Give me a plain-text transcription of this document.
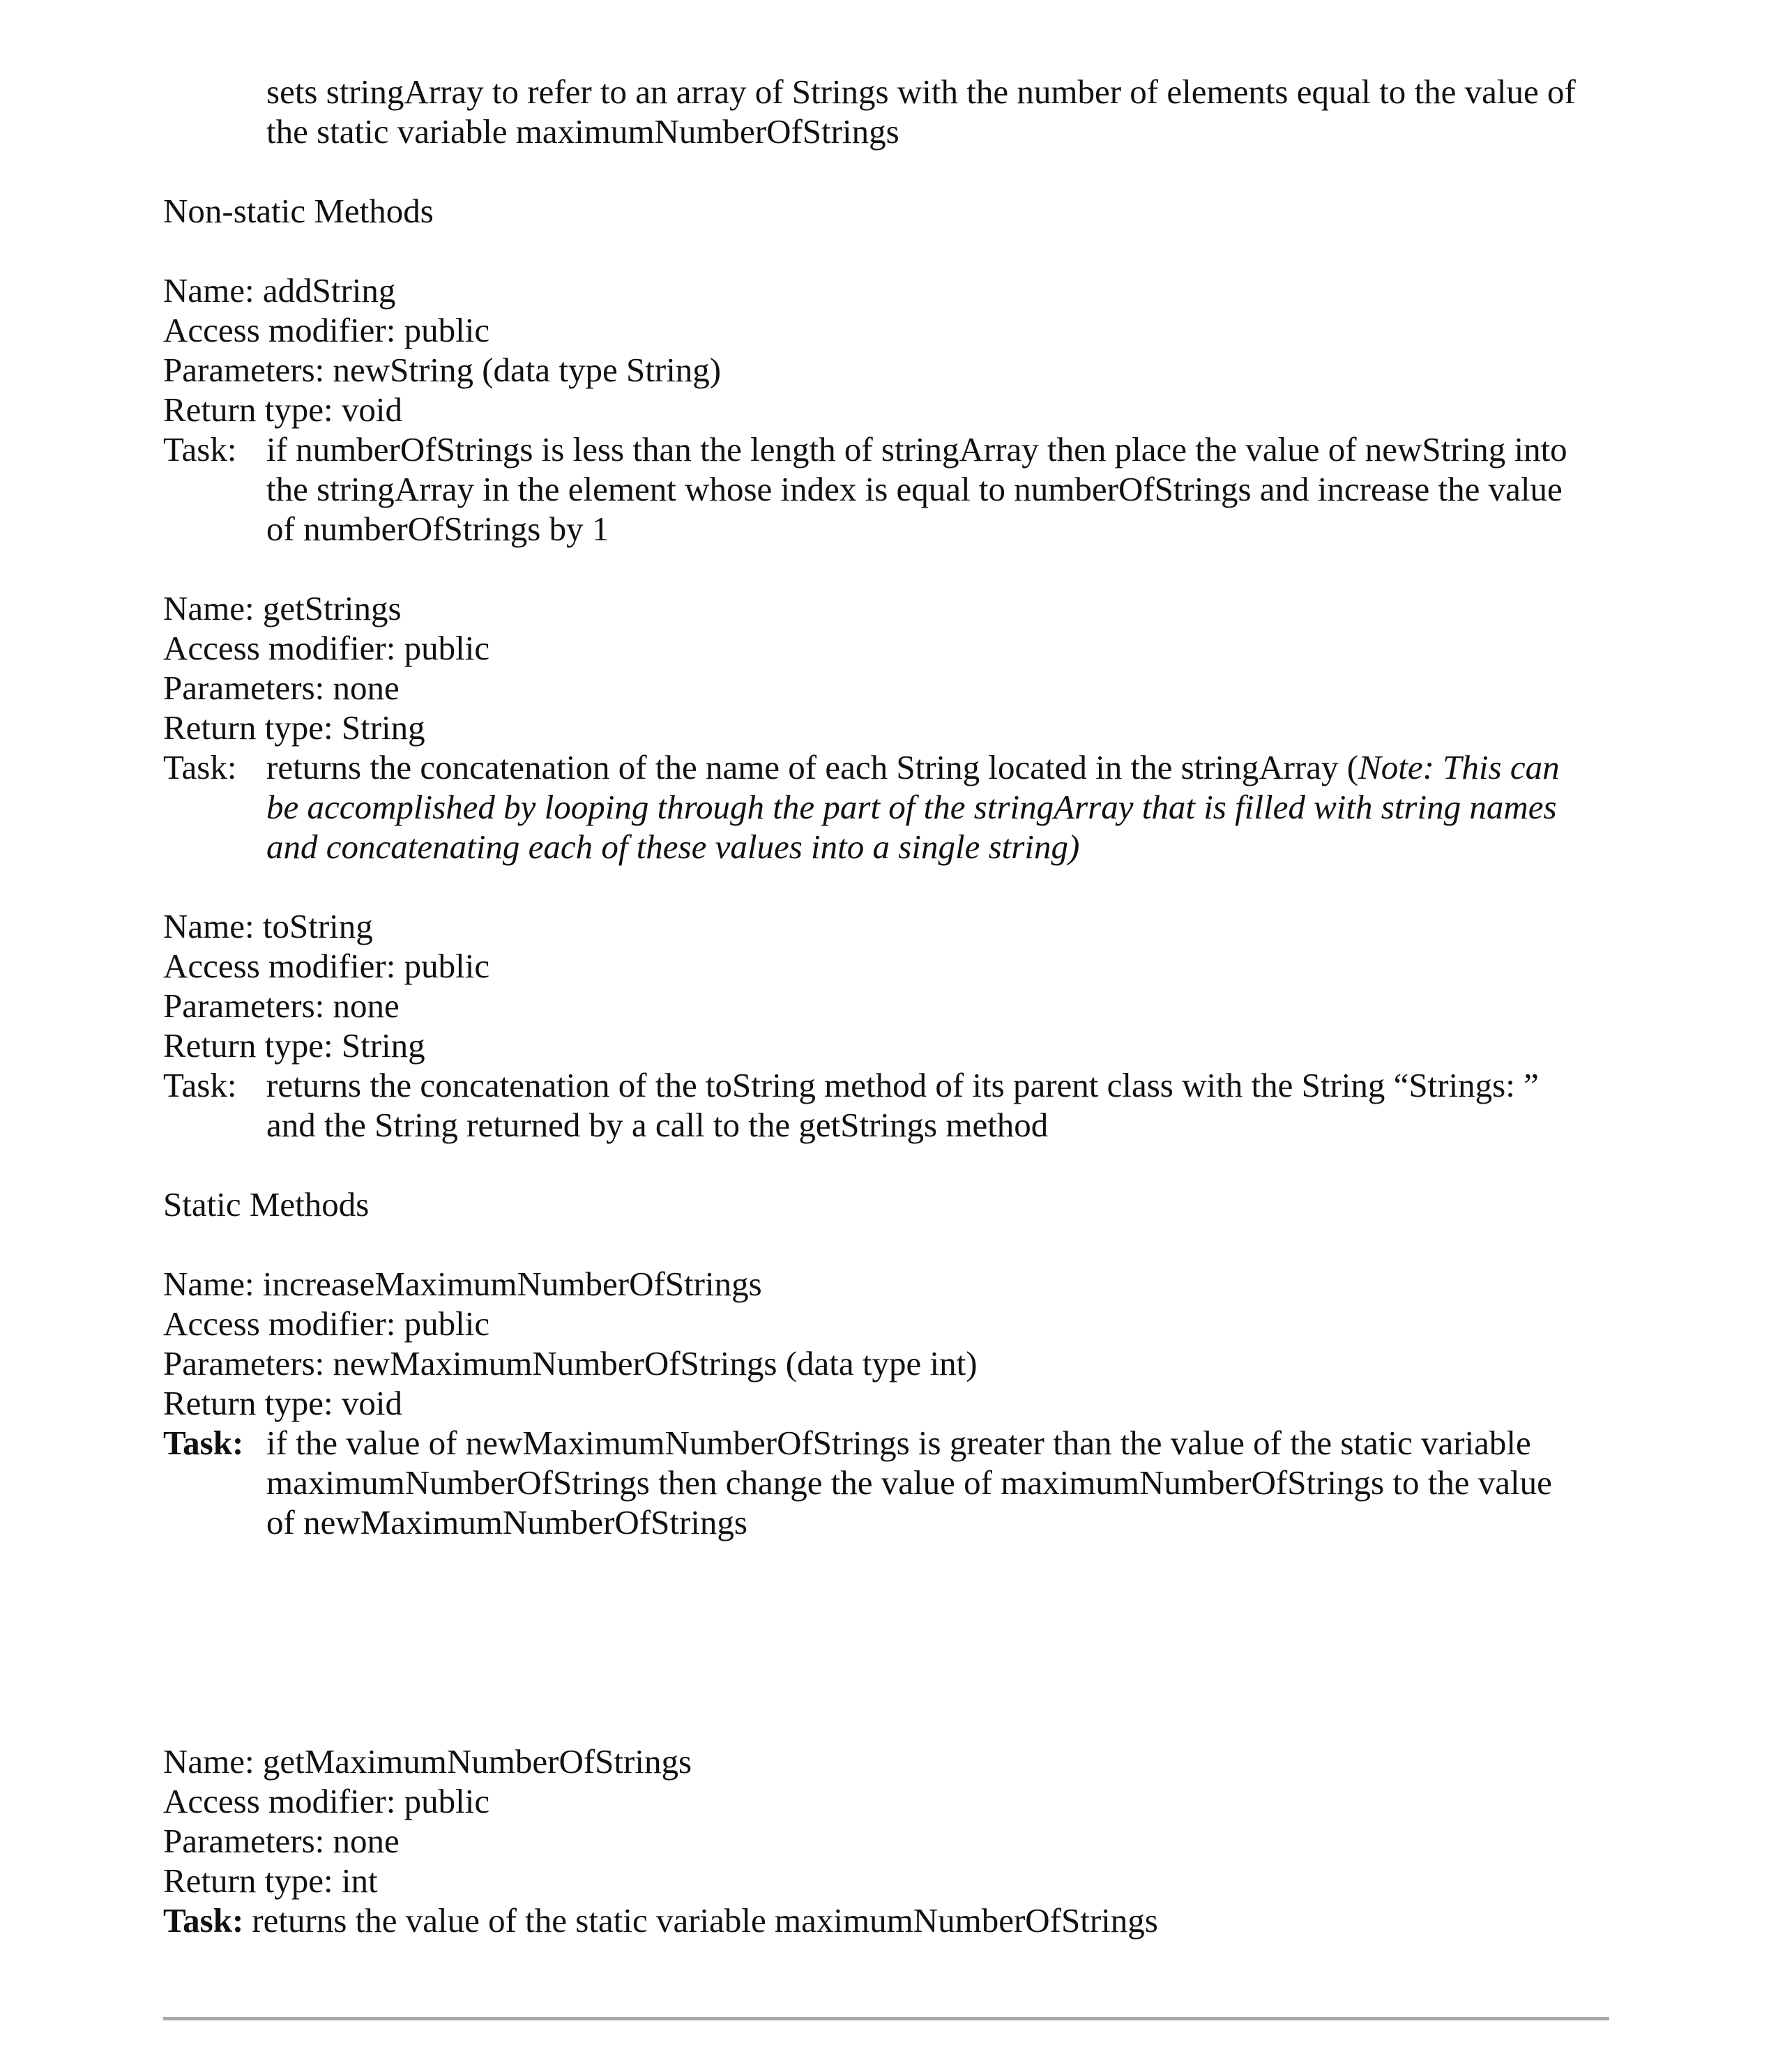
sets stringArray to refer to an array of Strings with the number of elements equal to the value of
the static variable maximumNumberOfStrings
Non-static Methods
Name: addString
Access modifier: public
Parameters: newString (data type String)
Return type: void
Task: if numberOfStrings is less than the length of stringArray then place the value of newString into
the stringArray in the element whose index is equal to numberOfStrings and increase the value
of numberOfStrings by 1
Name: getStrings
Access modifier: public
Parameters: none
Return type: String
Task: returns the concatenation of the name of each String located in the stringArray (Note: This can
be accomplished by looping through the part of the stringArray that is filled with string names
and concatenating each of these values into a single string)
Name: toString
Access modifier: public
Parameters: none
Return type: String
Task: returns the concatenation of the toString method of its parent class with the String “Strings: ”
and the String returned by a call to the getStrings method
Static Methods
Name: increaseMaximumNumberOfStrings
Access modifier: public
Parameters: newMaximumNumberOfStrings (data type int)
Return type: void
Task: if the value of newMaximumNumberOfStrings is greater than the value of the static variable
maximumNumberOfStrings then change the value of maximumNumberOfStrings to the value
of newMaximumNumberOfStrings
Name: getMaximumNumberOfStrings
Access modifier: public
Parameters: none
Return type: int
Task: returns the value of the static variable maximumNumberOfStrings
